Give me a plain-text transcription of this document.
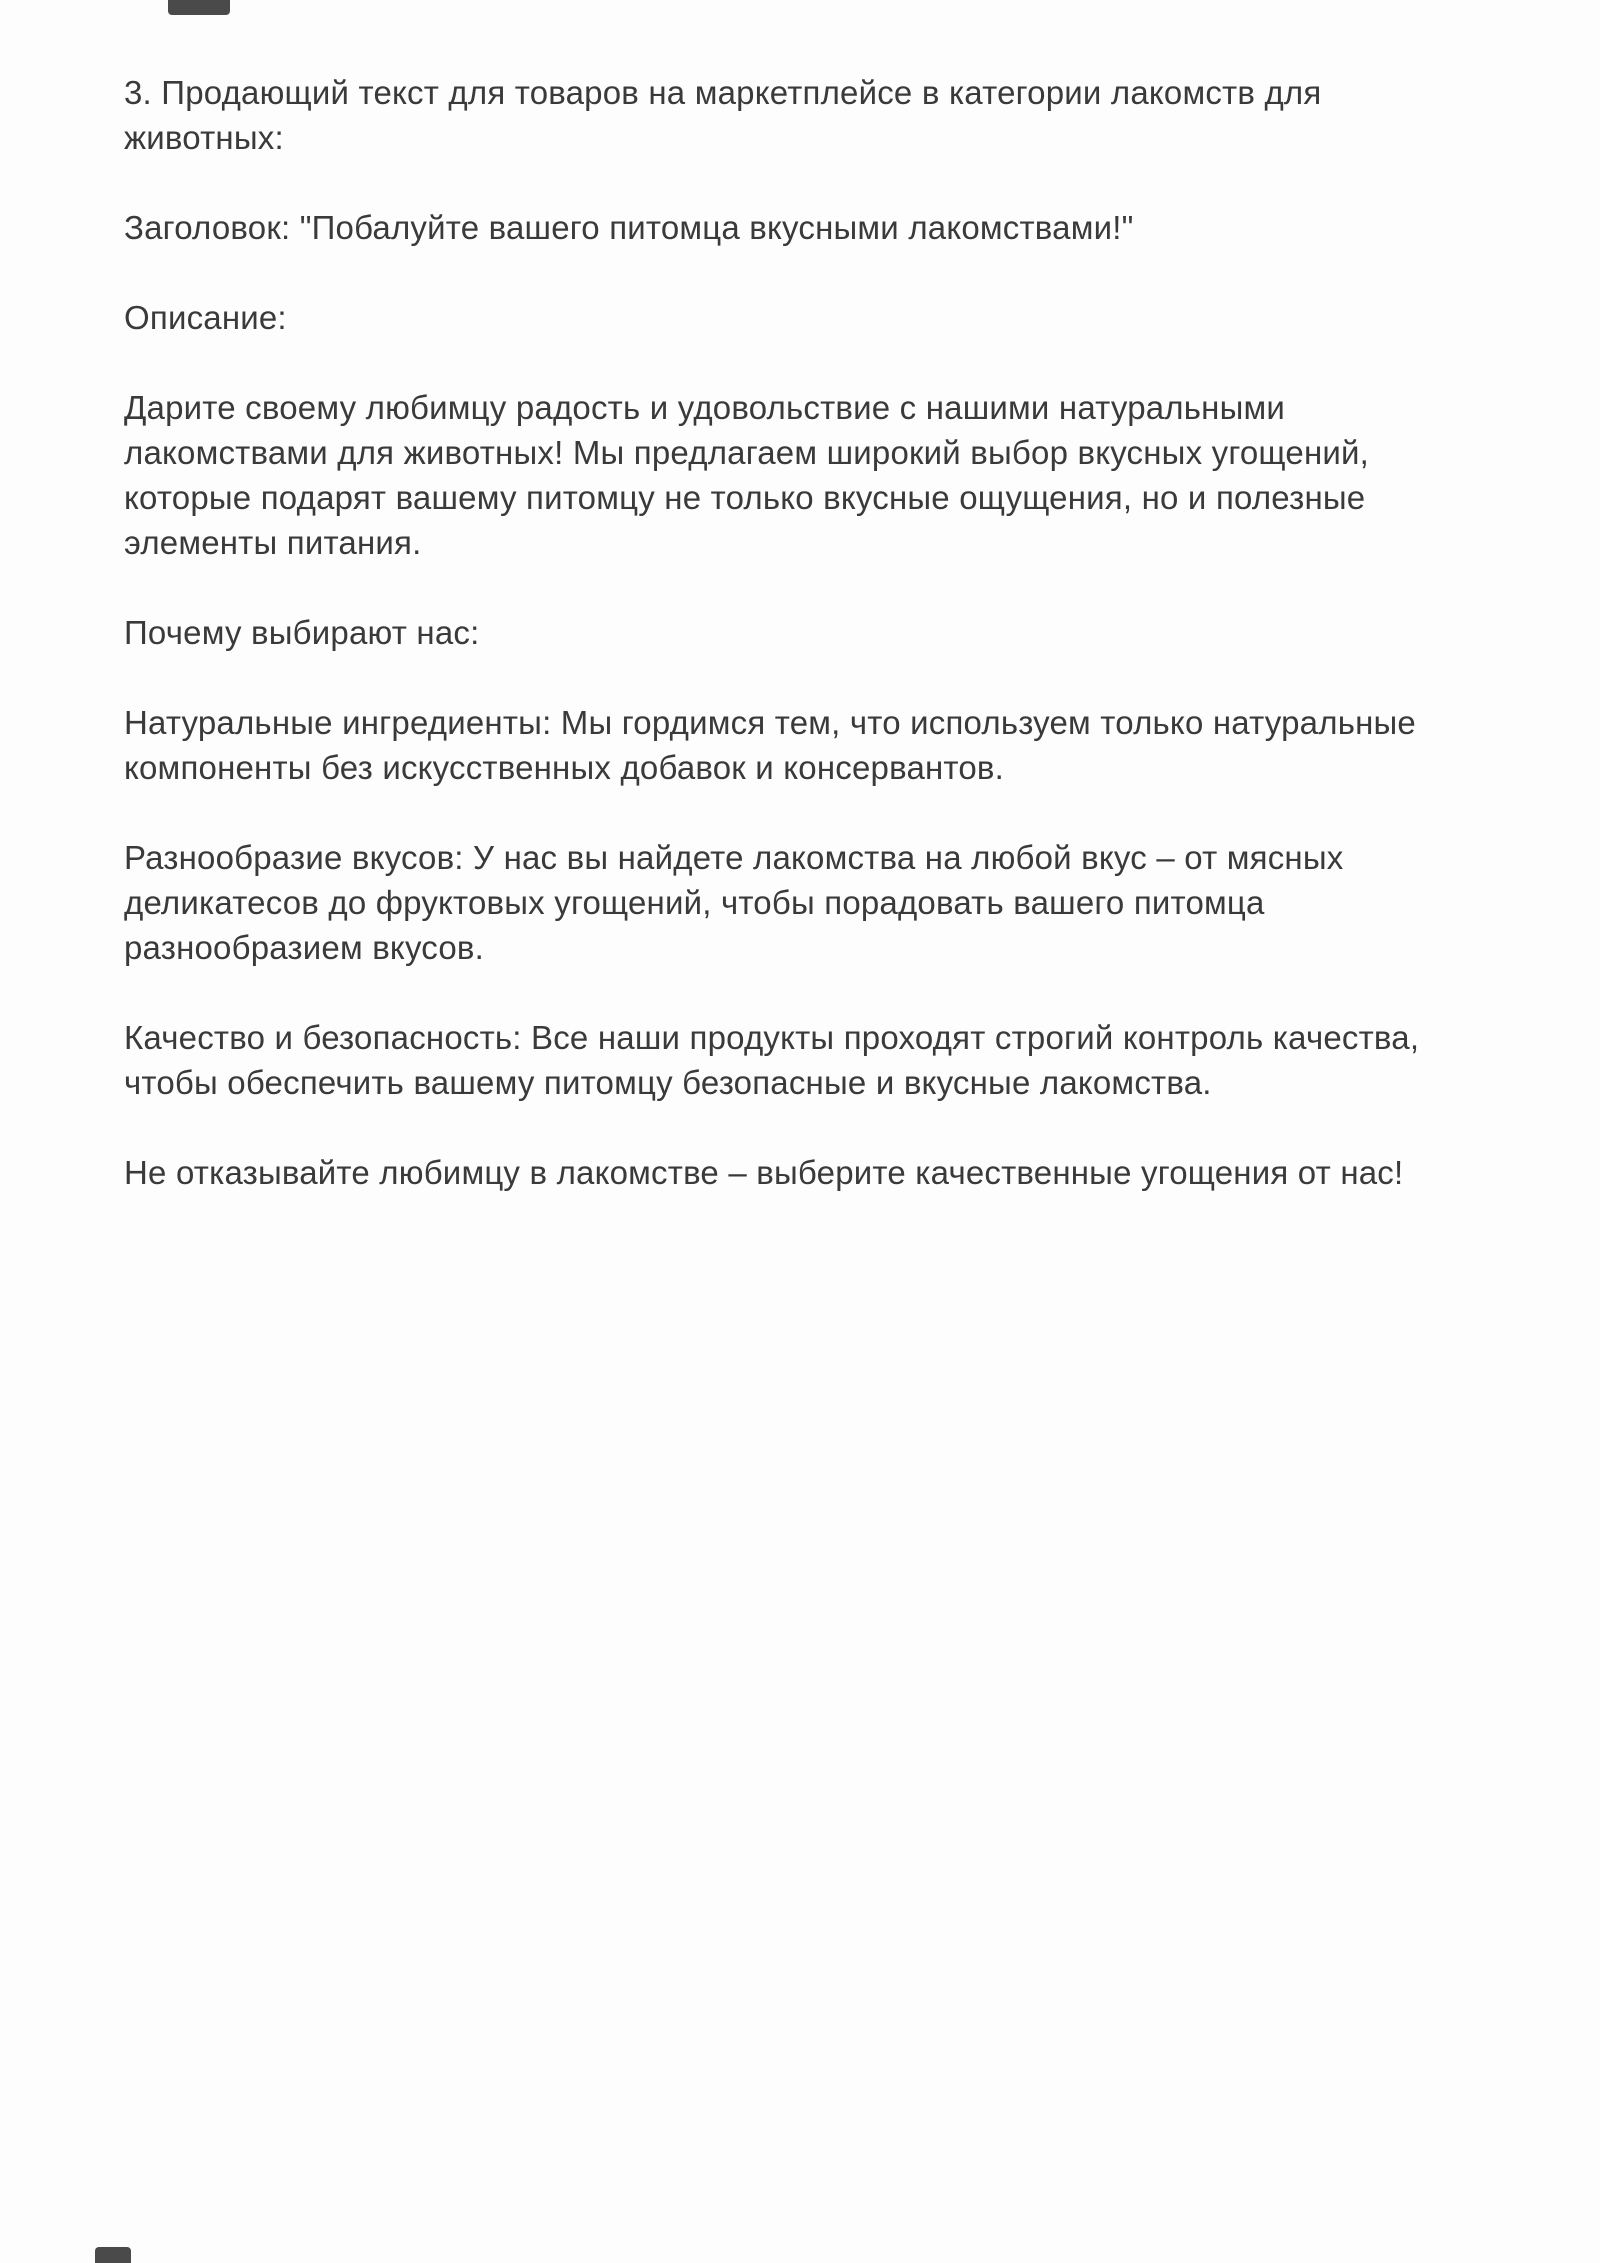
3. Продающий текст для товаров на маркетплейсе в категории лакомств для животных:

Заголовок: "Побалуйте вашего питомца вкусными лакомствами!"

Описание:

Дарите своему любимцу радость и удовольствие с нашими натуральными лакомствами для животных! Мы предлагаем широкий выбор вкусных угощений, которые подарят вашему питомцу не только вкусные ощущения, но и полезные элементы питания.

Почему выбирают нас:

Натуральные ингредиенты: Мы гордимся тем, что используем только натуральные компоненты без искусственных добавок и консервантов.

Разнообразие вкусов: У нас вы найдете лакомства на любой вкус – от мясных деликатесов до фруктовых угощений, чтобы порадовать вашего питомца разнообразием вкусов.

Качество и безопасность: Все наши продукты проходят строгий контроль качества, чтобы обеспечить вашему питомцу безопасные и вкусные лакомства.

Не отказывайте любимцу в лакомстве – выберите качественные угощения от нас!
